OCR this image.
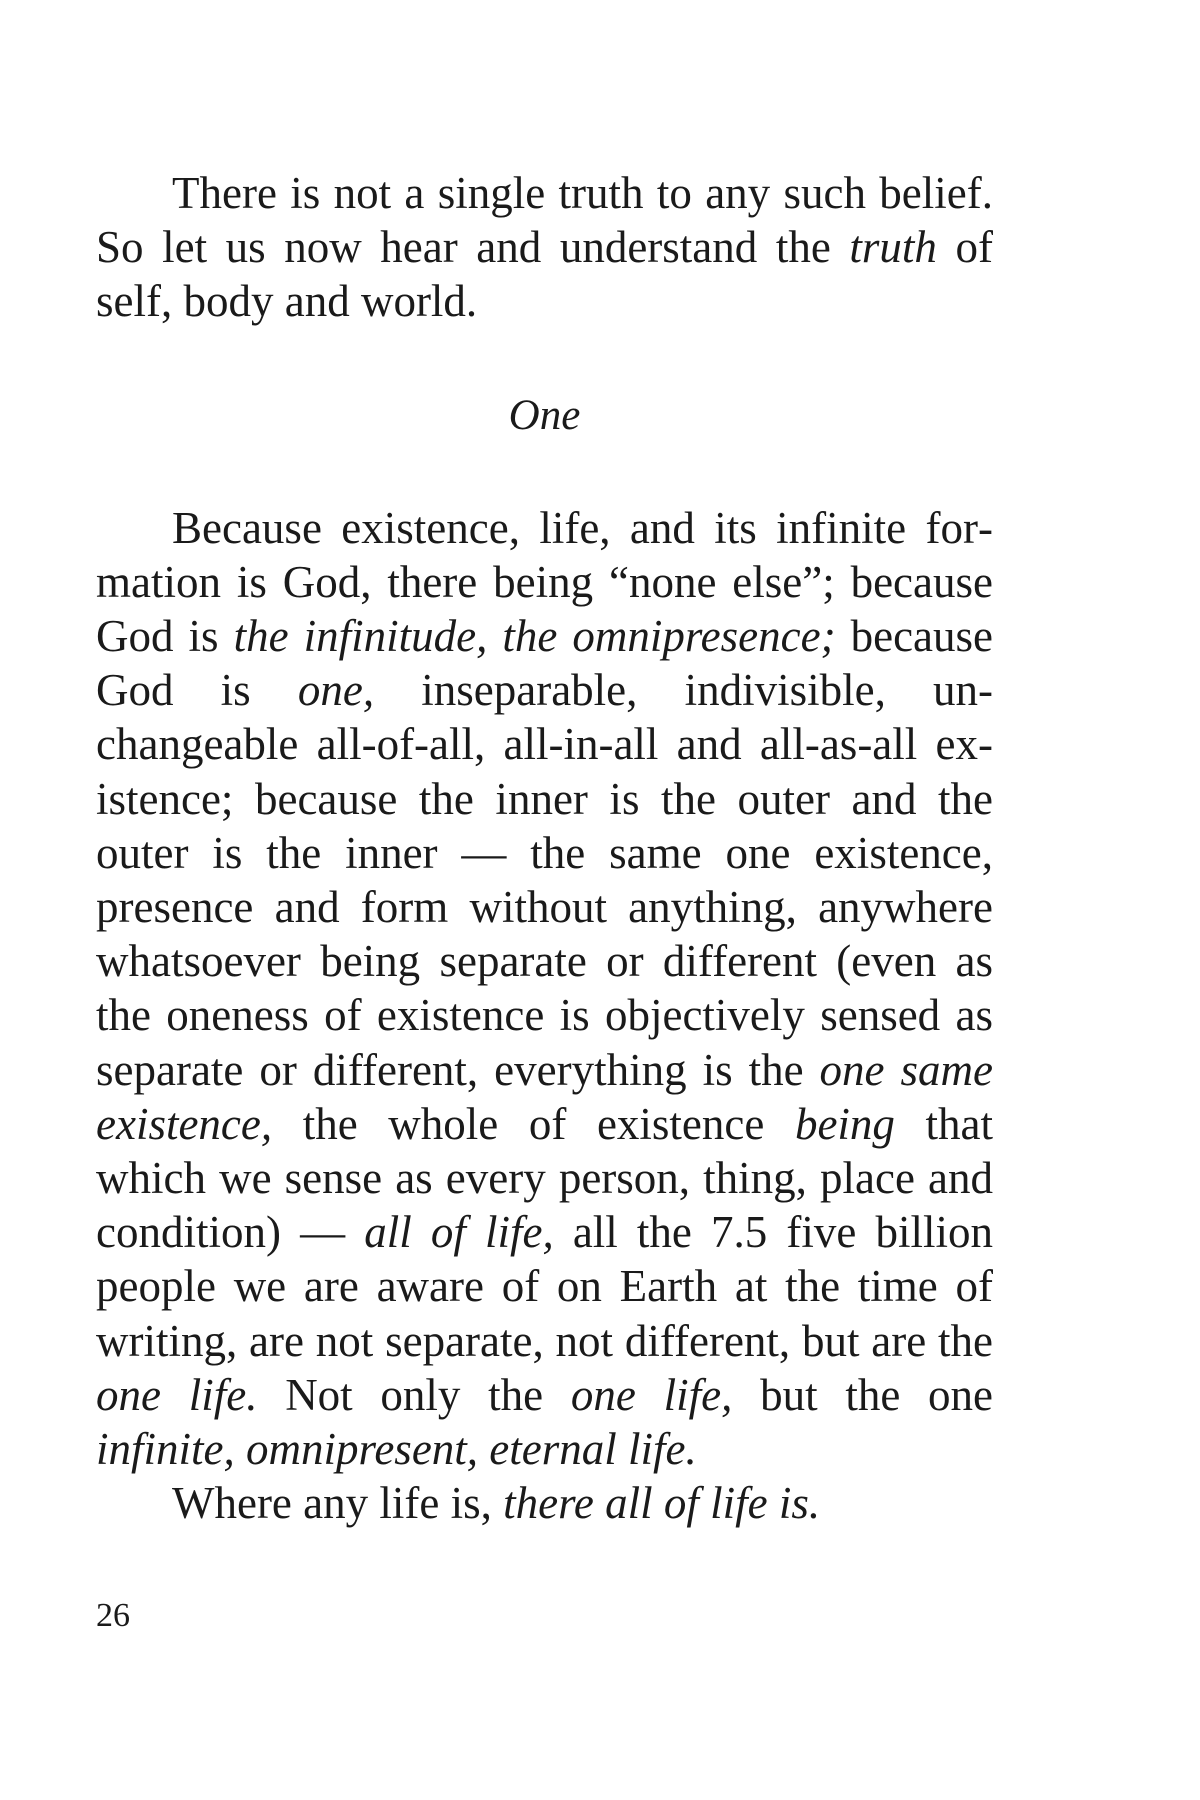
There is not a single truth to any such belief. So let us now hear and understand the truth of self, body and world.

One

Because existence, life, and its infinite formation is God, there being “none else”; because God is the infinitude, the omnipresence; because God is one, inseparable, indivisible, unchangeable all-of-all, all-in-all and all-as-all existence; because the inner is the outer and the outer is the inner — the same one existence, presence and form without anything, anywhere whatsoever being separate or different (even as the oneness of existence is objectively sensed as separate or different, everything is the one same existence, the whole of existence being that which we sense as every person, thing, place and condition) — all of life, all the 7.5 five billion people we are aware of on Earth at the time of writing, are not separate, not different, but are the one life. Not only the one life, but the one infinite, omnipresent, eternal life.

Where any life is, there all of life is.

26
